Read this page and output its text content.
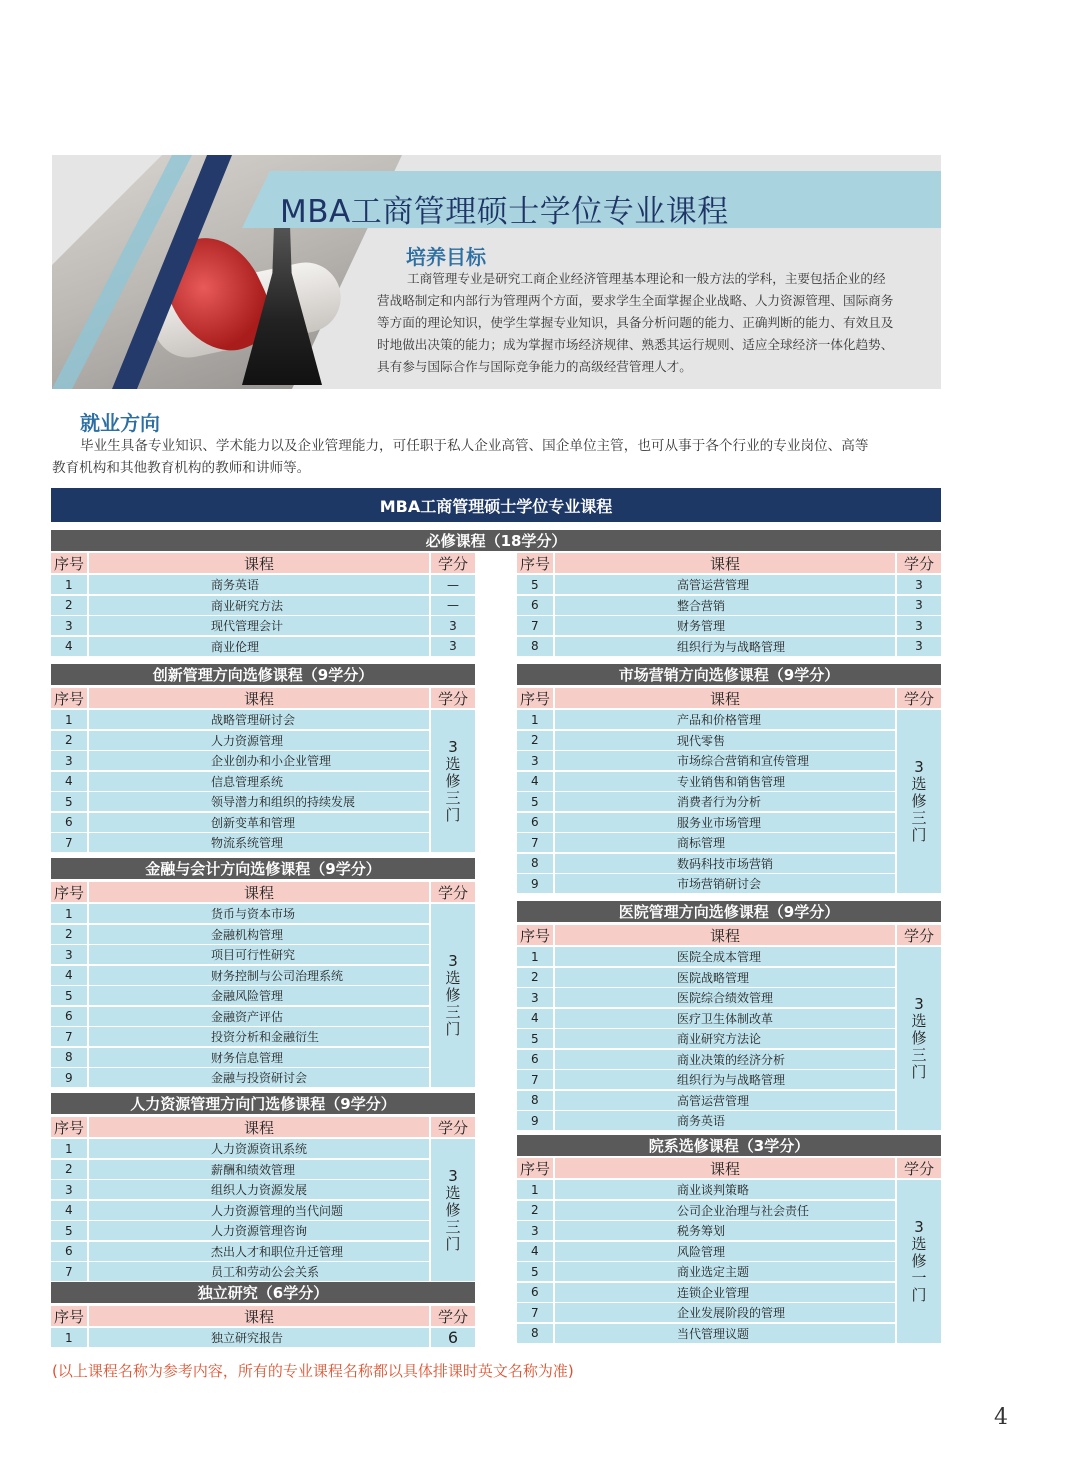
MBA工商管理硕士学位专业课程
培养目标
工商管理专业是研究工商企业经济管理基本理论和一般方法的学科，主要包括企业的经
营战略制定和内部行为管理两个方面，要求学生全面掌握企业战略、人力资源管理、国际商务
等方面的理论知识，使学生掌握专业知识，具备分析问题的能力、正确判断的能力、有效且及
时地做出决策的能力；成为掌握市场经济规律、熟悉其运行规则、适应全球经济一体化趋势、
具有参与国际合作与国际竞争能力的高级经营管理人才。
就业方向
毕业生具备专业知识、学术能力以及企业管理能力，可任职于私人企业高管、国企单位主管，也可从事于各个行业的专业岗位、高等
教育机构和其他教育机构的教师和讲师等。
MBA工商管理硕士学位专业课程
必修课程（18学分）
序号	课程	学分
1	商务英语	—
2	商业研究方法	—
3	现代管理会计	3
4	商业伦理	3
序号	课程	学分
5	高管运营管理	3
6	整合营销	3
7	财务管理	3
8	组织行为与战略管理	3
创新管理方向选修课程（9学分）
序号	课程	学分
1	战略管理研讨会
2	人力资源管理
3	企业创办和小企业管理
4	信息管理系统
5	领导潜力和组织的持续发展
6	创新变革和管理
7	物流系统管理
3
选
修
三
门
金融与会计方向选修课程（9学分）
序号	课程	学分
1	货币与资本市场
2	金融机构管理
3	项目可行性研究
4	财务控制与公司治理系统
5	金融风险管理
6	金融资产评估
7	投资分析和金融衍生
8	财务信息管理
9	金融与投资研讨会
3
选
修
三
门
人力资源管理方向门选修课程（9学分）
序号	课程	学分
1	人力资源资讯系统
2	薪酬和绩效管理
3	组织人力资源发展
4	人力资源管理的当代问题
5	人力资源管理咨询
6	杰出人才和职位升迁管理
7	员工和劳动公会关系
3
选
修
三
门
独立研究（6学分）
序号	课程	学分
1	独立研究报告	6
市场营销方向选修课程（9学分）
序号	课程	学分
1	产品和价格管理
2	现代零售
3	市场综合营销和宣传管理
4	专业销售和销售管理
5	消费者行为分析
6	服务业市场管理
7	商标管理
8	数码科技市场营销
9	市场营销研讨会
3
选
修
三
门
医院管理方向选修课程（9学分）
序号	课程	学分
1	医院全成本管理
2	医院战略管理
3	医院综合绩效管理
4	医疗卫生体制改革
5	商业研究方法论
6	商业决策的经济分析
7	组织行为与战略管理
8	高管运营管理
9	商务英语
3
选
修
三
门
院系选修课程（3学分）
序号	课程	学分
1	商业谈判策略
2	公司企业治理与社会责任
3	税务筹划
4	风险管理
5	商业选定主题
6	连锁企业管理
7	企业发展阶段的管理
8	当代管理议题
3
选
修
一
门
(以上课程名称为参考内容，所有的专业课程名称都以具体排课时英文名称为准)
4
